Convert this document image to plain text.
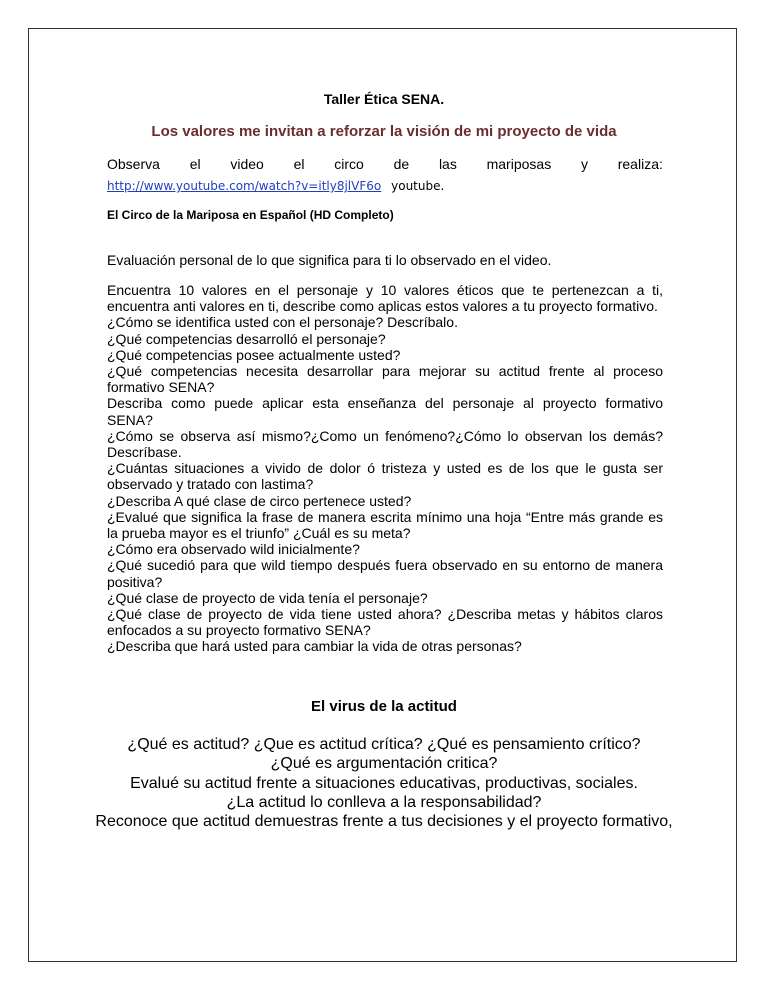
Taller Ética SENA.
Los valores me invitan a reforzar la visión de mi proyecto de vida
Observa el video el circo de las mariposas y realiza:
http://www.youtube.com/watch?v=itly8jlVF6o youtube.
El Circo de la Mariposa en Español (HD Completo)
Evaluación personal de lo que significa para ti lo observado en el video.
Encuentra 10 valores en el personaje y 10 valores éticos que te pertenezcan a ti,
encuentra anti valores en ti, describe como aplicas estos valores a tu proyecto formativo.
¿Cómo se identifica usted con el personaje? Descríbalo.
¿Qué competencias desarrolló el personaje?
¿Qué competencias posee actualmente usted?
¿Qué competencias necesita desarrollar para mejorar su actitud frente al proceso
formativo SENA?
Describa como puede aplicar esta enseñanza del personaje al proyecto formativo
SENA?
¿Cómo se observa así mismo?¿Como un fenómeno?¿Cómo lo observan los demás?
Descríbase.
¿Cuántas situaciones a vivido de dolor ó tristeza y usted es de los que le gusta ser
observado y tratado con lastima?
¿Describa A qué clase de circo pertenece usted?
¿Evalué que significa la frase de manera escrita mínimo una hoja “Entre más grande es
la prueba mayor es el triunfo” ¿Cuál es su meta?
¿Cómo era observado wild inicialmente?
¿Qué sucedió para que wild tiempo después fuera observado en su entorno de manera
positiva?
¿Qué clase de proyecto de vida tenía el personaje?
¿Qué clase de proyecto de vida tiene usted ahora? ¿Describa metas y hábitos claros
enfocados a su proyecto formativo SENA?
¿Describa que hará usted para cambiar la vida de otras personas?
El virus de la actitud
¿Qué es actitud? ¿Que es actitud crítica? ¿Qué es pensamiento crítico?
¿Qué es argumentación critica?
Evalué su actitud frente a situaciones educativas, productivas, sociales.
¿La actitud lo conlleva a la responsabilidad?
Reconoce que actitud demuestras frente a tus decisiones y el proyecto formativo,
